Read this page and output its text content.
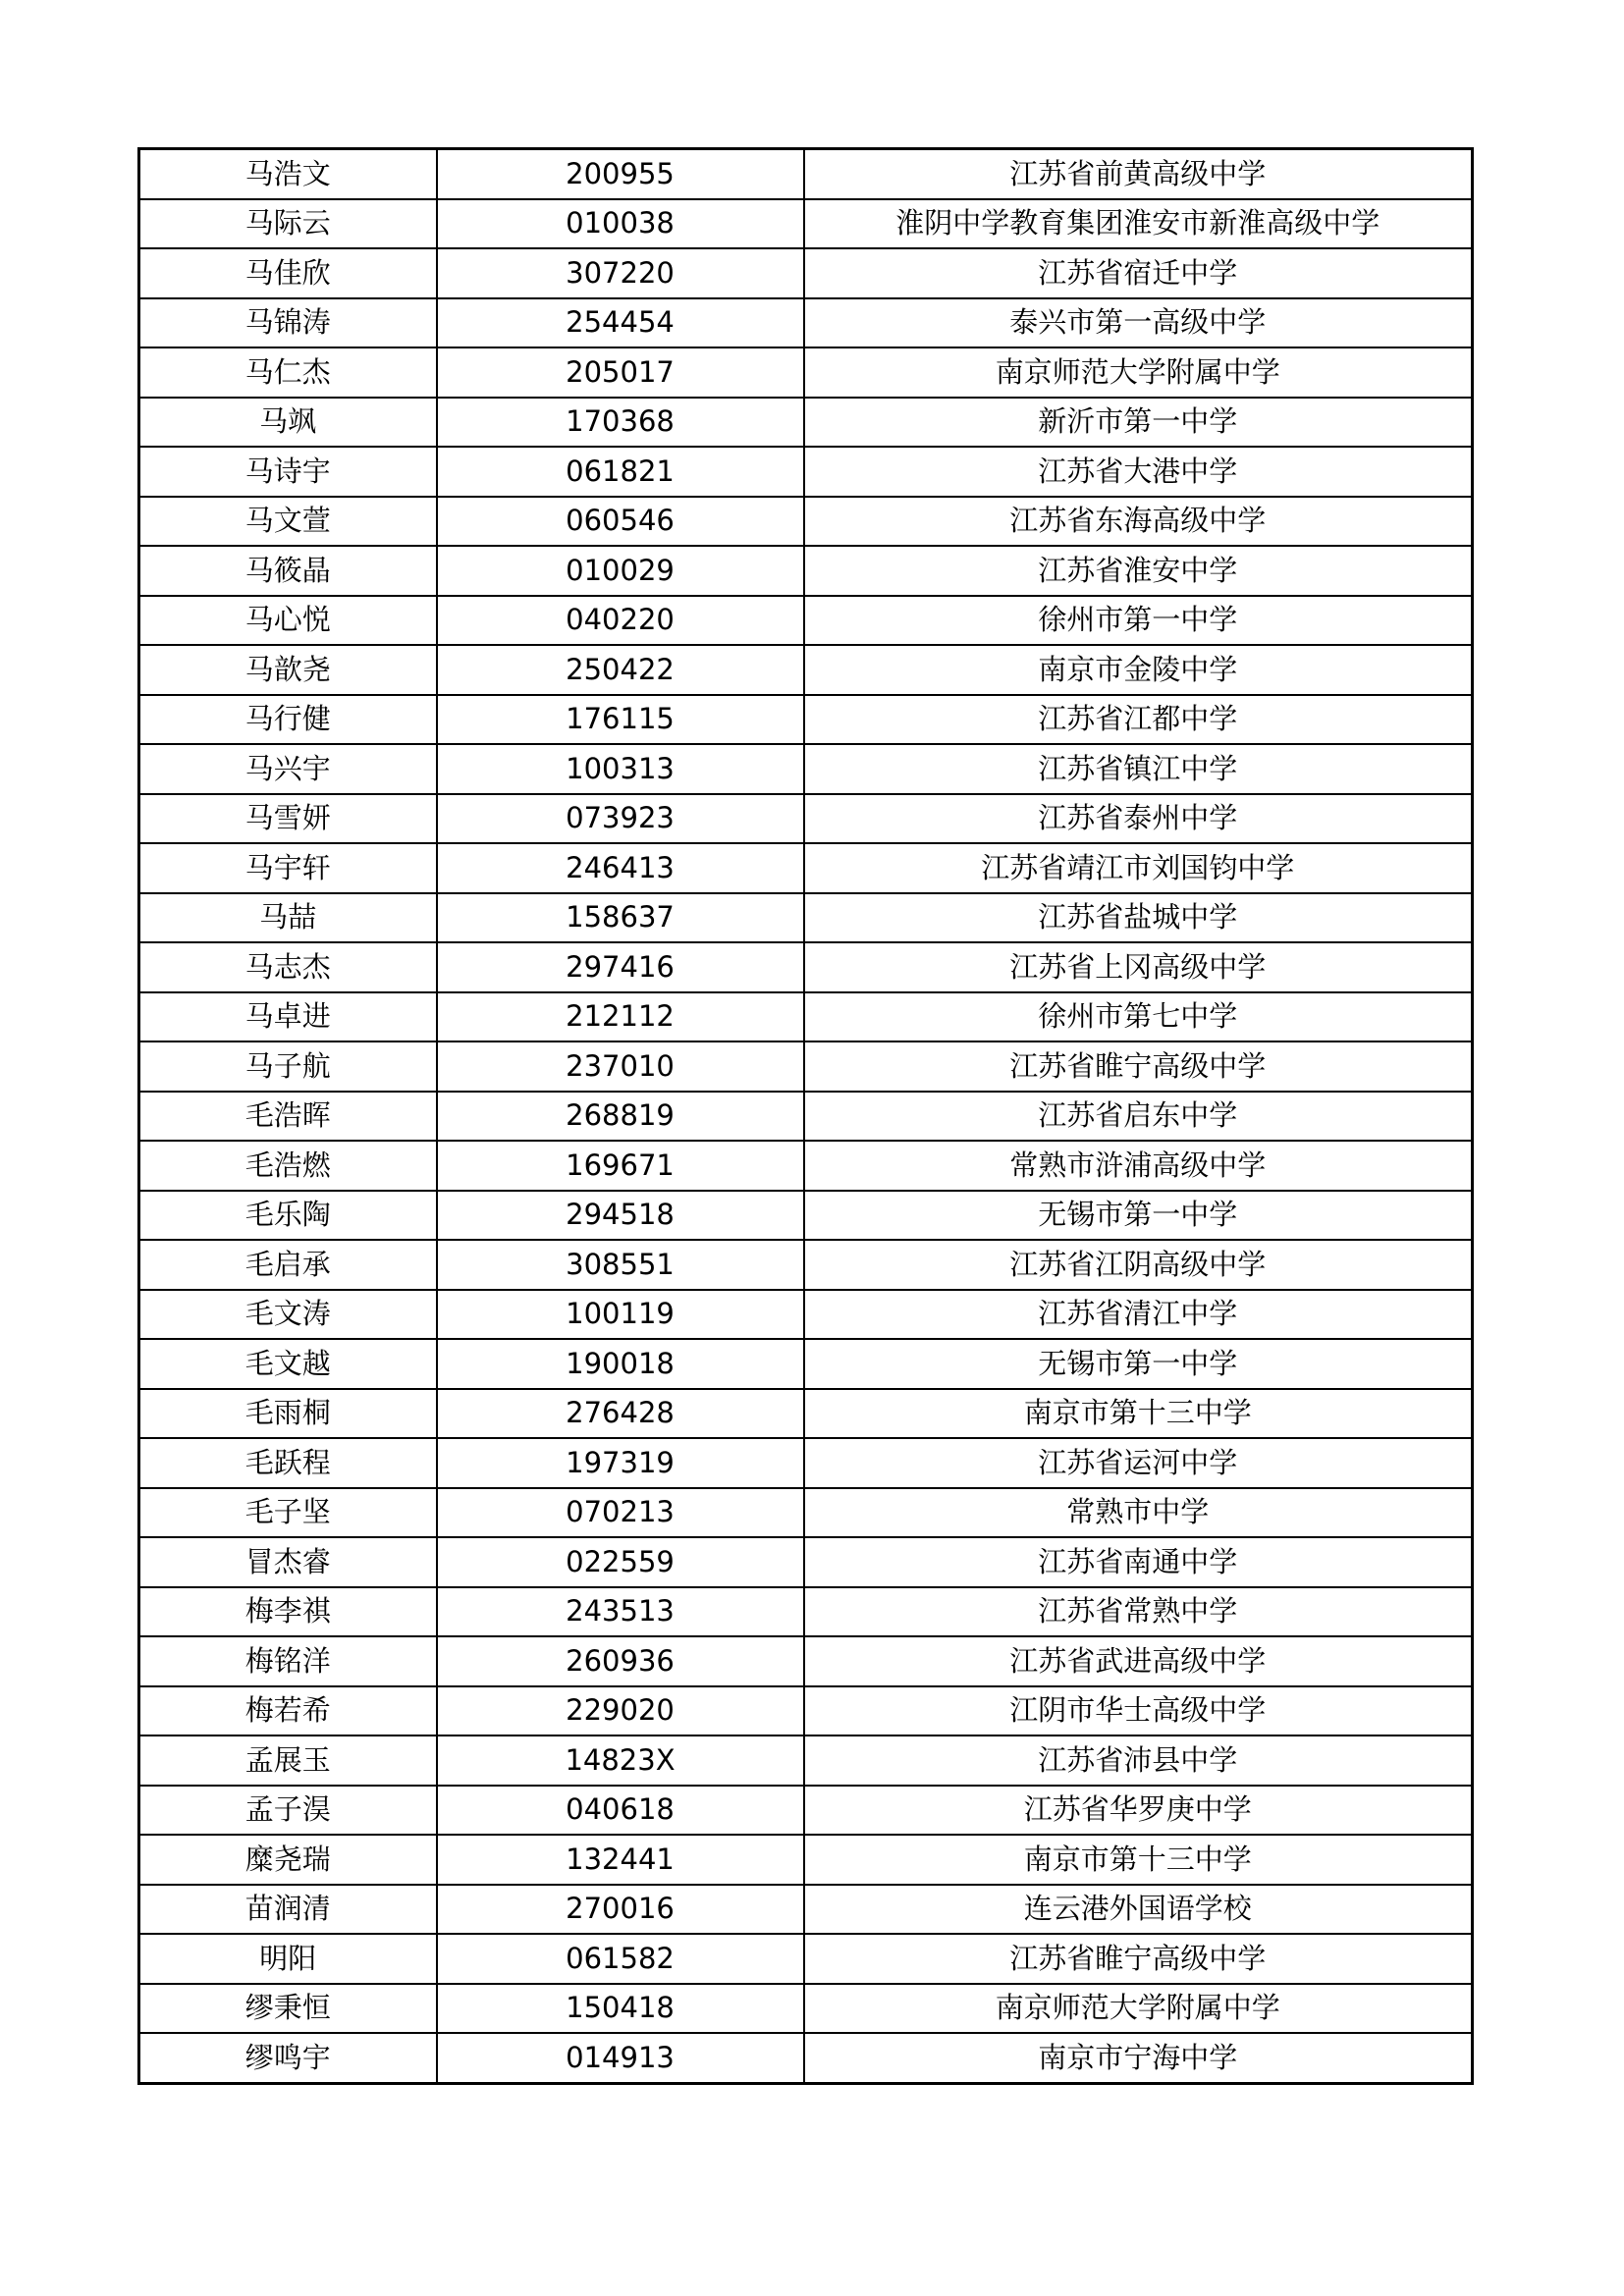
马浩文	200955	江苏省前黄高级中学
马际云	010038	淮阴中学教育集团淮安市新淮高级中学
马佳欣	307220	江苏省宿迁中学
马锦涛	254454	泰兴市第一高级中学
马仁杰	205017	南京师范大学附属中学
马飒	170368	新沂市第一中学
马诗宇	061821	江苏省大港中学
马文萱	060546	江苏省东海高级中学
马筱晶	010029	江苏省淮安中学
马心悦	040220	徐州市第一中学
马歆尧	250422	南京市金陵中学
马行健	176115	江苏省江都中学
马兴宇	100313	江苏省镇江中学
马雪妍	073923	江苏省泰州中学
马宇轩	246413	江苏省靖江市刘国钧中学
马喆	158637	江苏省盐城中学
马志杰	297416	江苏省上冈高级中学
马卓进	212112	徐州市第七中学
马子航	237010	江苏省睢宁高级中学
毛浩晖	268819	江苏省启东中学
毛浩燃	169671	常熟市浒浦高级中学
毛乐陶	294518	无锡市第一中学
毛启承	308551	江苏省江阴高级中学
毛文涛	100119	江苏省清江中学
毛文越	190018	无锡市第一中学
毛雨桐	276428	南京市第十三中学
毛跃程	197319	江苏省运河中学
毛子坚	070213	常熟市中学
冒杰睿	022559	江苏省南通中学
梅李祺	243513	江苏省常熟中学
梅铭洋	260936	江苏省武进高级中学
梅若希	229020	江阴市华士高级中学
孟展玉	14823X	江苏省沛县中学
孟子淏	040618	江苏省华罗庚中学
糜尧瑞	132441	南京市第十三中学
苗润清	270016	连云港外国语学校
明阳	061582	江苏省睢宁高级中学
缪秉恒	150418	南京师范大学附属中学
缪鸣宇	014913	南京市宁海中学
